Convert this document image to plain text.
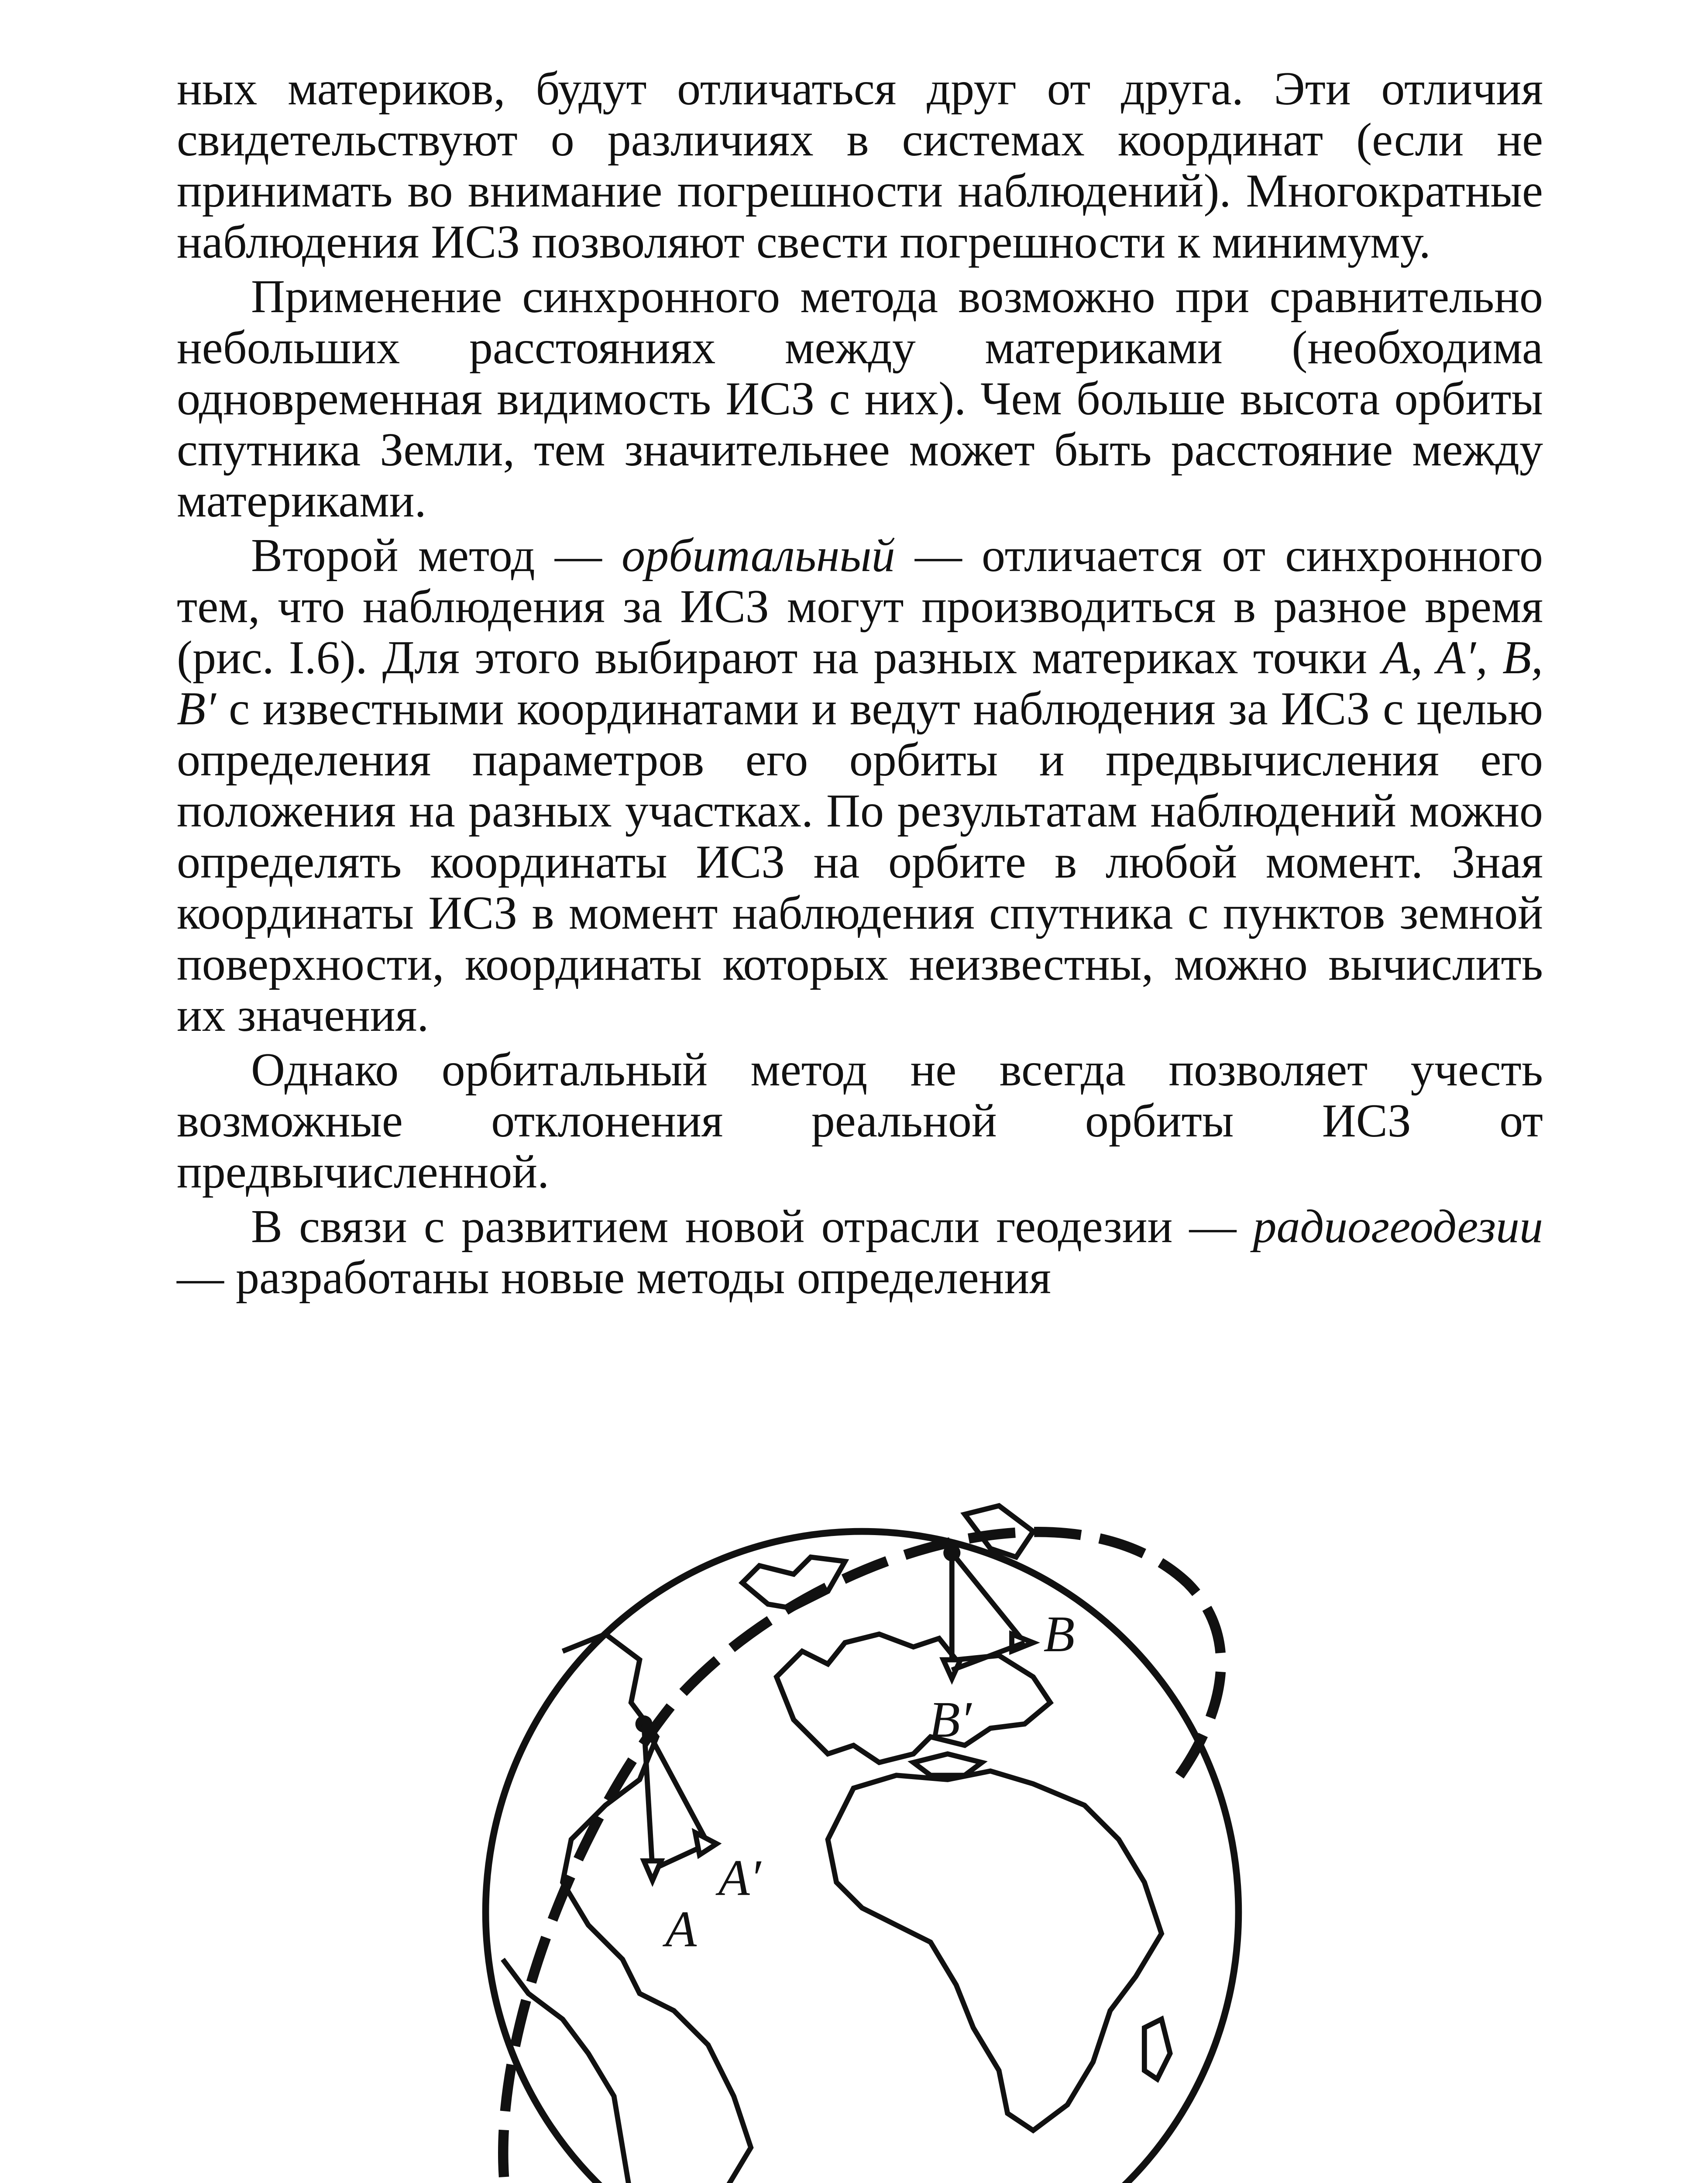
ных материков, будут отличаться друг от друга. Эти отличия свидетельствуют о различиях в системах координат (если не принимать во внимание погрешности наблюдений). Многократные наблюдения ИСЗ позволяют свести погрешности к минимуму.

Применение синхронного метода возможно при сравнительно небольших расстояниях между материками (необходима одновременная видимость ИСЗ с них). Чем больше высота орбиты спутника Земли, тем значительнее может быть расстояние между материками.

Второй метод — орбитальный — отличается от синхронного тем, что наблюдения за ИСЗ могут производиться в разное время (рис. I.6). Для этого выбирают на разных материках точки A, A′, B, B′ с известными координатами и ведут наблюдения за ИСЗ с целью определения параметров его орбиты и предвычисления его положения на разных участках. По результатам наблюдений можно определять координаты ИСЗ на орбите в любой момент. Зная координаты ИСЗ в момент наблюдения спутника с пунктов земной поверхности, координаты которых неизвестны, можно вычислить их значения.

Однако орбитальный метод не всегда позволяет учесть возможные отклонения реальной орбиты ИСЗ от предвычисленной.

В связи с развитием новой отрасли геодезии — радиогеодезии — разработаны новые методы определения

B
B′
A′
A
